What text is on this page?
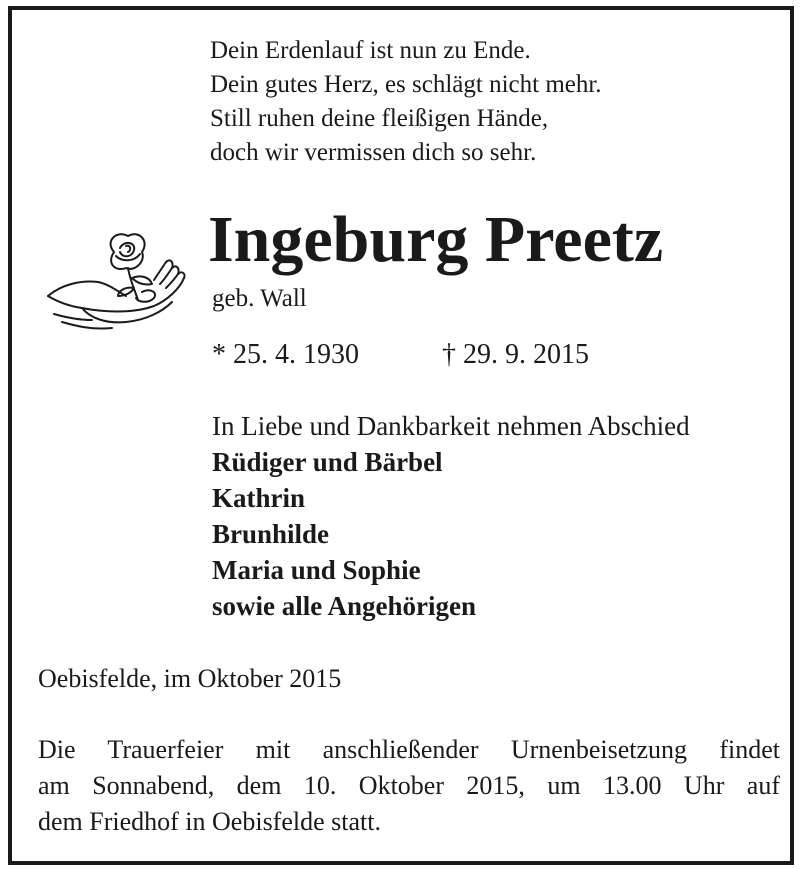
Dein Erdenlauf ist nun zu Ende.
Dein gutes Herz, es schlägt nicht mehr.
Still ruhen deine fleißigen Hände,
doch wir vermissen dich so sehr.
Ingeburg Preetz
geb. Wall
* 25. 4. 1930	† 29. 9. 2015
In Liebe und Dankbarkeit nehmen Abschied
Rüdiger und Bärbel
Kathrin
Brunhilde
Maria und Sophie
sowie alle Angehörigen
Oebisfelde, im Oktober 2015
Die Trauerfeier mit anschließender Urnenbeisetzung findet
am Sonnabend, dem 10. Oktober 2015, um 13.00 Uhr auf
dem Friedhof in Oebisfelde statt.
